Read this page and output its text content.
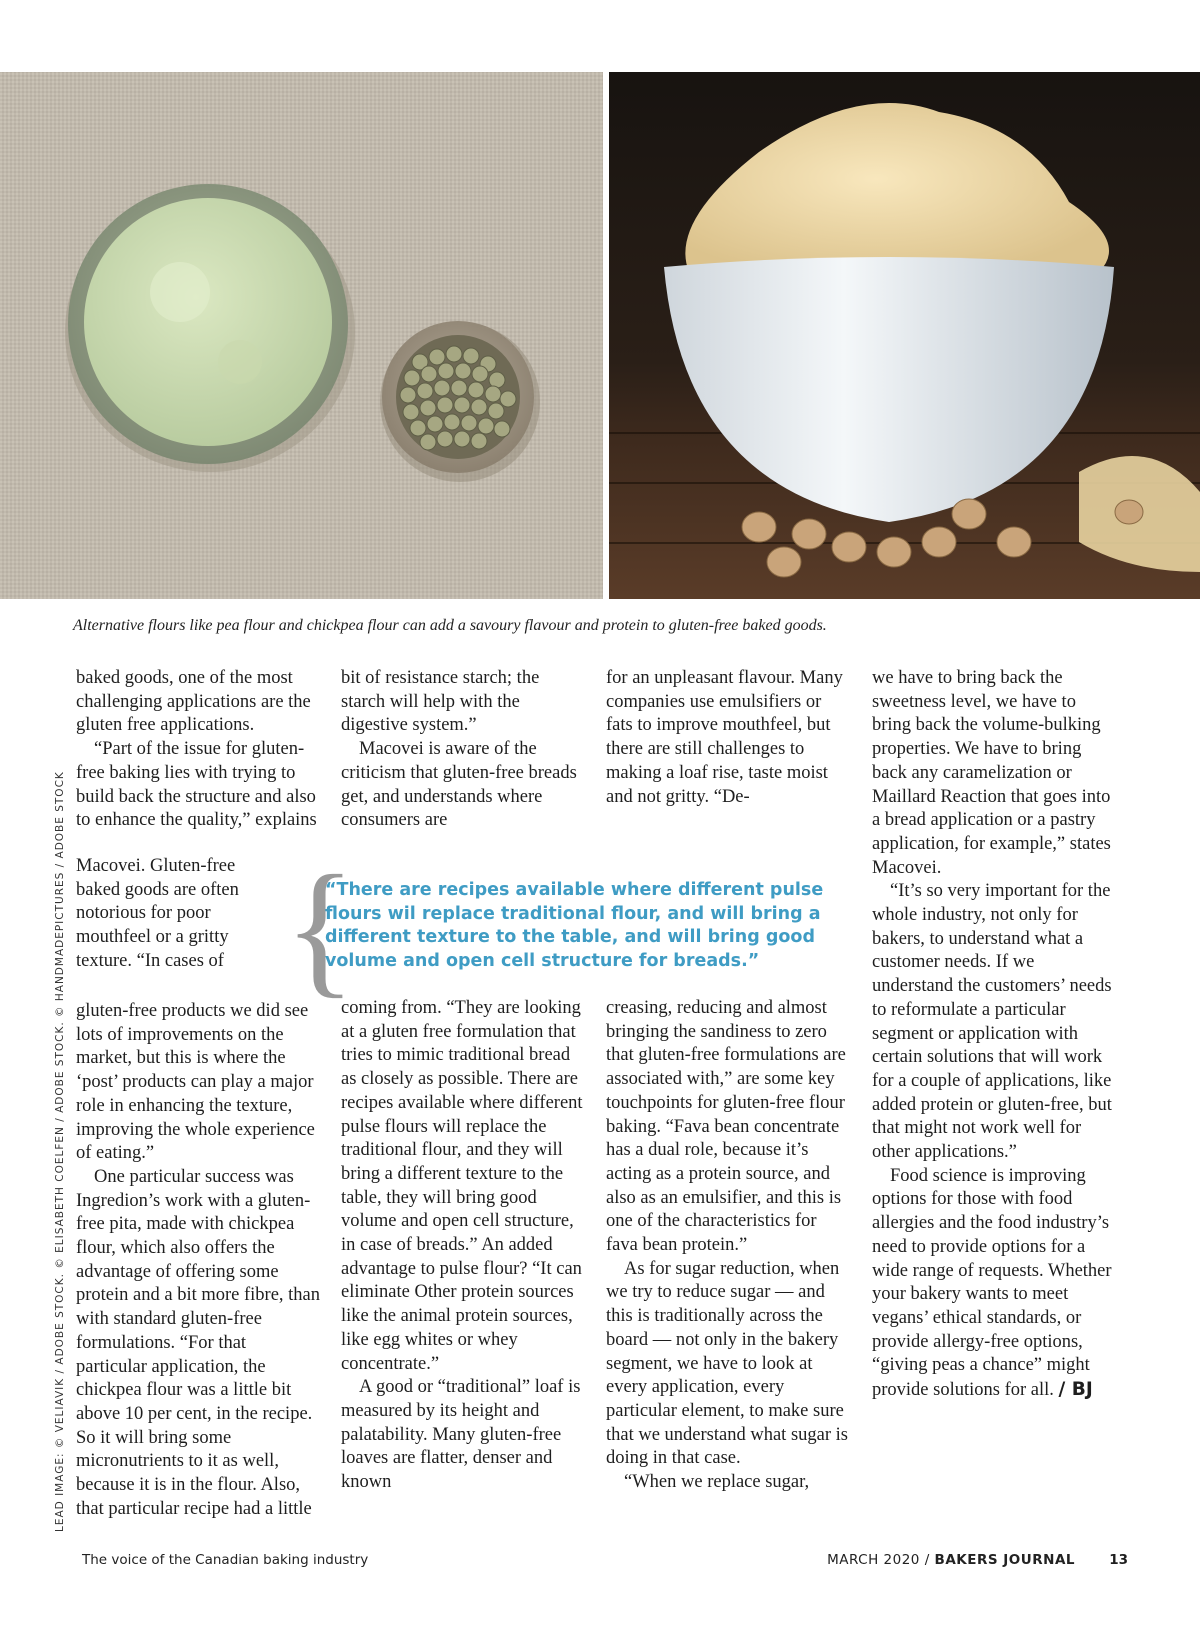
Alternative flours like pea flour and chickpea flour can add a savoury flavour and protein to gluten-free baked goods.
LEAD IMAGE: © VELIAVIK / ADOBE STOCK. © ELISABETH COELFEN / ADOBE STOCK. © HANDMADEPICTURES / ADOBE STOCK

baked goods, one of the most challenging applications are the gluten free applications.

“Part of the issue for gluten-free baking lies with trying to build back the structure and also to enhance the quality,” explains

Macovei. Gluten-free baked goods are often notorious for poor mouthfeel or a gritty texture. “In cases of

gluten-free products we did see lots of improvements on the market, but this is where the ‘post’ products can play a major role in enhancing the texture, improving the whole experience of eating.”

One particular success was Ingredion’s work with a gluten-free pita, made with chickpea flour, which also offers the advantage of offering some protein and a bit more fibre, than with standard gluten-free formulations. “For that particular application, the chickpea flour was a little bit above 10 per cent, in the recipe. So it will bring some micronutrients to it as well, because it is in the flour. Also, that particular recipe had a little

bit of resistance starch; the starch will help with the digestive system.”

Macovei is aware of the criticism that gluten-free breads get, and understands where consumers are

coming from. “They are looking at a gluten free formulation that tries to mimic traditional bread as closely as possible. There are recipes available where different pulse flours will replace the traditional flour, and they will bring a different texture to the table, they will bring good volume and open cell structure, in case of breads.” An added advantage to pulse flour? “It can eliminate Other protein sources like the animal protein sources, like egg whites or whey concentrate.”

A good or “traditional” loaf is measured by its height and palatability. Many gluten-free loaves are flatter, denser and known

for an unpleasant flavour. Many companies use emulsifiers or fats to improve mouthfeel, but there are still challenges to making a loaf rise, taste moist and not gritty. “De-

creasing, reducing and almost bringing the sandiness to zero that gluten-free formulations are associated with,” are some key touchpoints for gluten-free flour baking. “Fava bean concentrate has a dual role, because it’s acting as a protein source, and also as an emulsifier, and this is one of the characteristics for fava bean protein.”

As for sugar reduction, when we try to reduce sugar — and this is traditionally across the board — not only in the bakery segment, we have to look at every application, every particular element, to make sure that we understand what sugar is doing in that case.

“When we replace sugar,

we have to bring back the sweetness level, we have to bring back the volume-bulking properties. We have to bring back any caramelization or Maillard Reaction that goes into a bread application or a pastry application, for example,” states Macovei.

“It’s so very important for the whole industry, not only for bakers, to understand what a customer needs. If we understand the customers’ needs to reformulate a particular segment or application with certain solutions that will work for a couple of applications, like added protein or gluten-free, but that might not work well for other applications.”

Food science is improving options for those with food allergies and the food industry’s need to provide options for a wide range of requests. Whether your bakery wants to meet vegans’ ethical standards, or provide allergy-free options, “giving peas a chance” might provide solutions for all. / BJ

{
“There are recipes available where different pulse flours wil replace traditional flour, and will bring a different texture to the table, and will bring good volume and open cell structure for breads.”
The voice of the Canadian baking industry	MARCH 2020 / BAKERS JOURNAL	13
